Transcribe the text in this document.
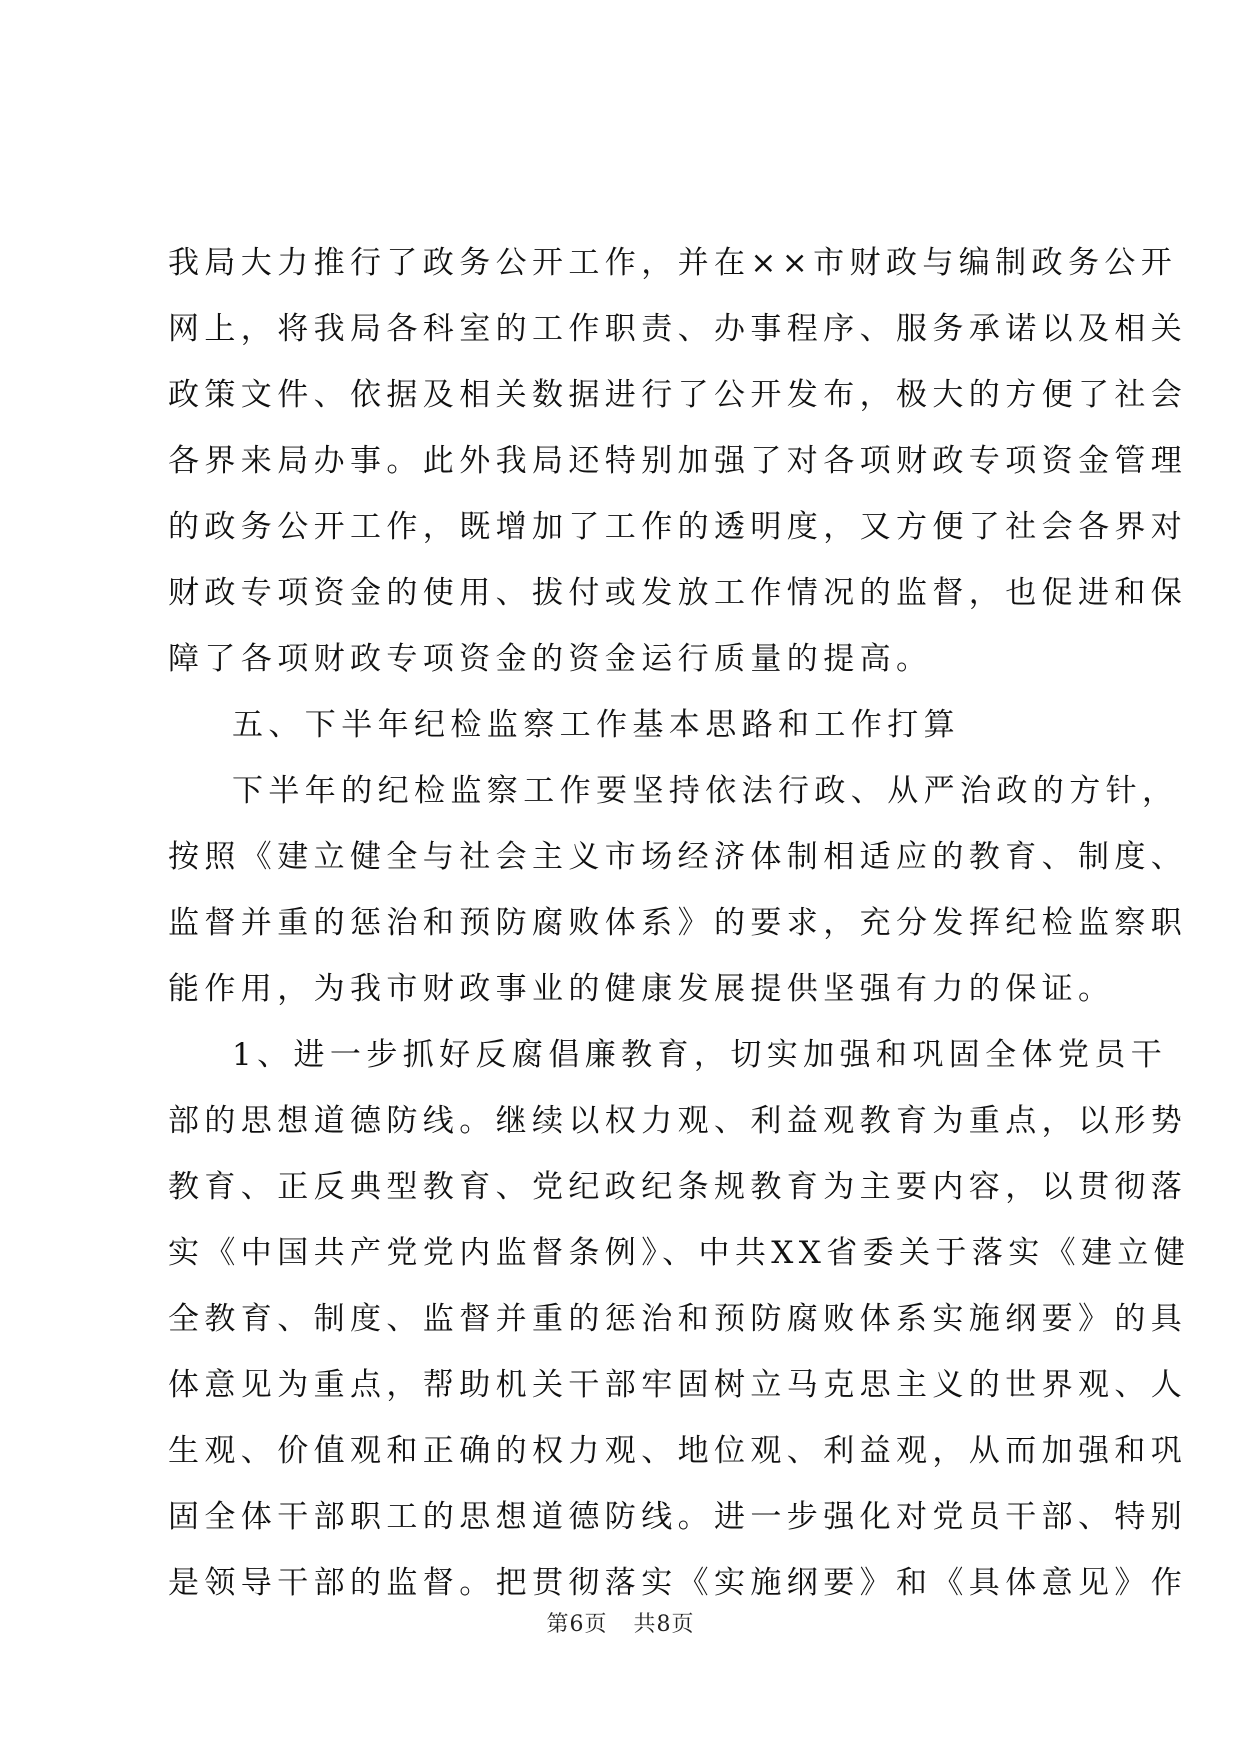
我局大力推行了政务公开工作，并在××市财政与编制政务公开
网上，将我局各科室的工作职责、办事程序、服务承诺以及相关
政策文件、依据及相关数据进行了公开发布，极大的方便了社会
各界来局办事。此外我局还特别加强了对各项财政专项资金管理
的政务公开工作，既增加了工作的透明度，又方便了社会各界对
财政专项资金的使用、拔付或发放工作情况的监督，也促进和保
障了各项财政专项资金的资金运行质量的提高。
五、下半年纪检监察工作基本思路和工作打算
下半年的纪检监察工作要坚持依法行政、从严治政的方针，
按照《建立健全与社会主义市场经济体制相适应的教育、制度、
监督并重的惩治和预防腐败体系》的要求，充分发挥纪检监察职
能作用，为我市财政事业的健康发展提供坚强有力的保证。
1、进一步抓好反腐倡廉教育，切实加强和巩固全体党员干
部的思想道德防线。继续以权力观、利益观教育为重点，以形势
教育、正反典型教育、党纪政纪条规教育为主要内容，以贯彻落
实《中国共产党党内监督条例》、中共XX省委关于落实《建立健
全教育、制度、监督并重的惩治和预防腐败体系实施纲要》的具
体意见为重点，帮助机关干部牢固树立马克思主义的世界观、人
生观、价值观和正确的权力观、地位观、利益观，从而加强和巩
固全体干部职工的思想道德防线。进一步强化对党员干部、特别
是领导干部的监督。把贯彻落实《实施纲要》和《具体意见》作
第6页 共8页
